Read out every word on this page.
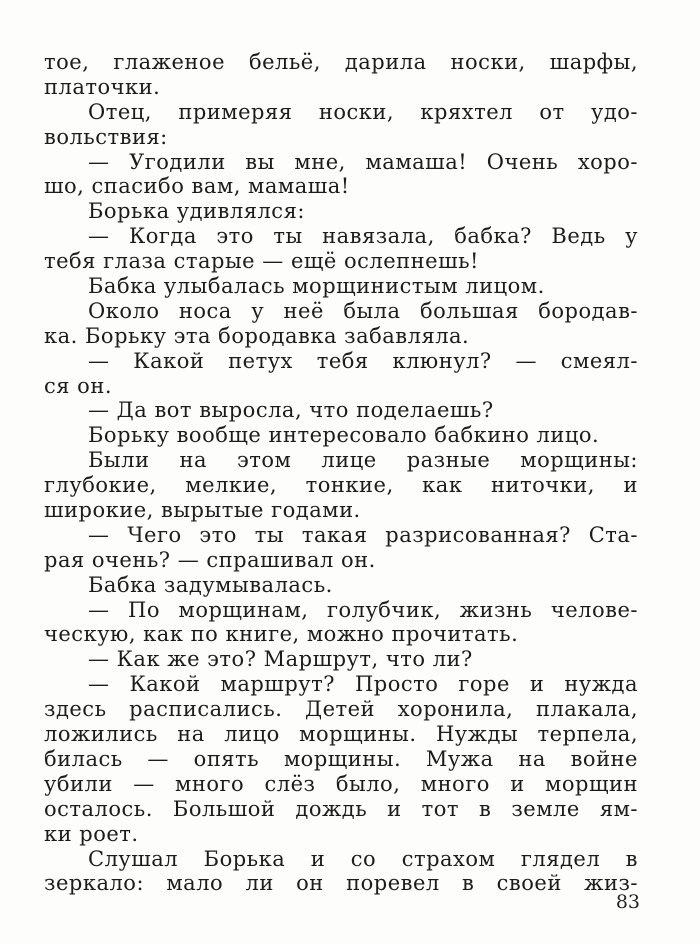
тое, глаженое бельё, дарила носки, шарфы,
платочки.
Отец, примеряя носки, кряхтел от удо-
вольствия:
— Угодили вы мне, мамаша! Очень хоро-
шо, спасибо вам, мамаша!
Борька удивлялся:
— Когда это ты навязала, бабка? Ведь у
тебя глаза старые — ещё ослепнешь!
Бабка улыбалась морщинистым лицом.
Около носа у неё была большая бородав-
ка. Борьку эта бородавка забавляла.
— Какой петух тебя клюнул? — смеял-
ся он.
— Да вот выросла, что поделаешь?
Борьку вообще интересовало бабкино лицо.
Были на этом лице разные морщины:
глубокие, мелкие, тонкие, как ниточки, и
широкие, вырытые годами.
— Чего это ты такая разрисованная? Ста-
рая очень? — спрашивал он.
Бабка задумывалась.
— По морщинам, голубчик, жизнь челове-
ческую, как по книге, можно прочитать.
— Как же это? Маршрут, что ли?
— Какой маршрут? Просто горе и нужда
здесь расписались. Детей хоронила, плакала,
ложились на лицо морщины. Нужды терпела,
билась — опять морщины. Мужа на войне
убили — много слёз было, много и морщин
осталось. Большой дождь и тот в земле ям-
ки роет.
Слушал Борька и со страхом глядел в
зеркало: мало ли он поревел в своей жиз-
83
